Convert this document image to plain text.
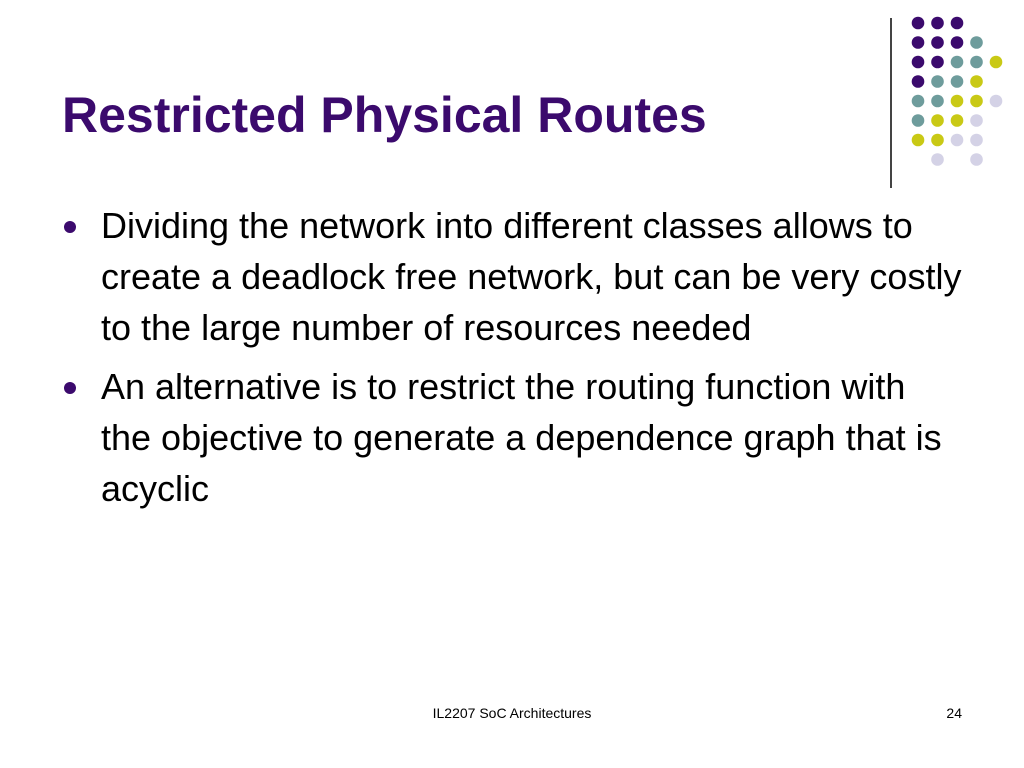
Restricted Physical Routes
Dividing the network into different classes allows to create a deadlock free network, but can be very costly to the large number of resources needed
An alternative is to restrict the routing function with the objective to generate a dependence graph that is acyclic
IL2207 SoC Architectures	24
